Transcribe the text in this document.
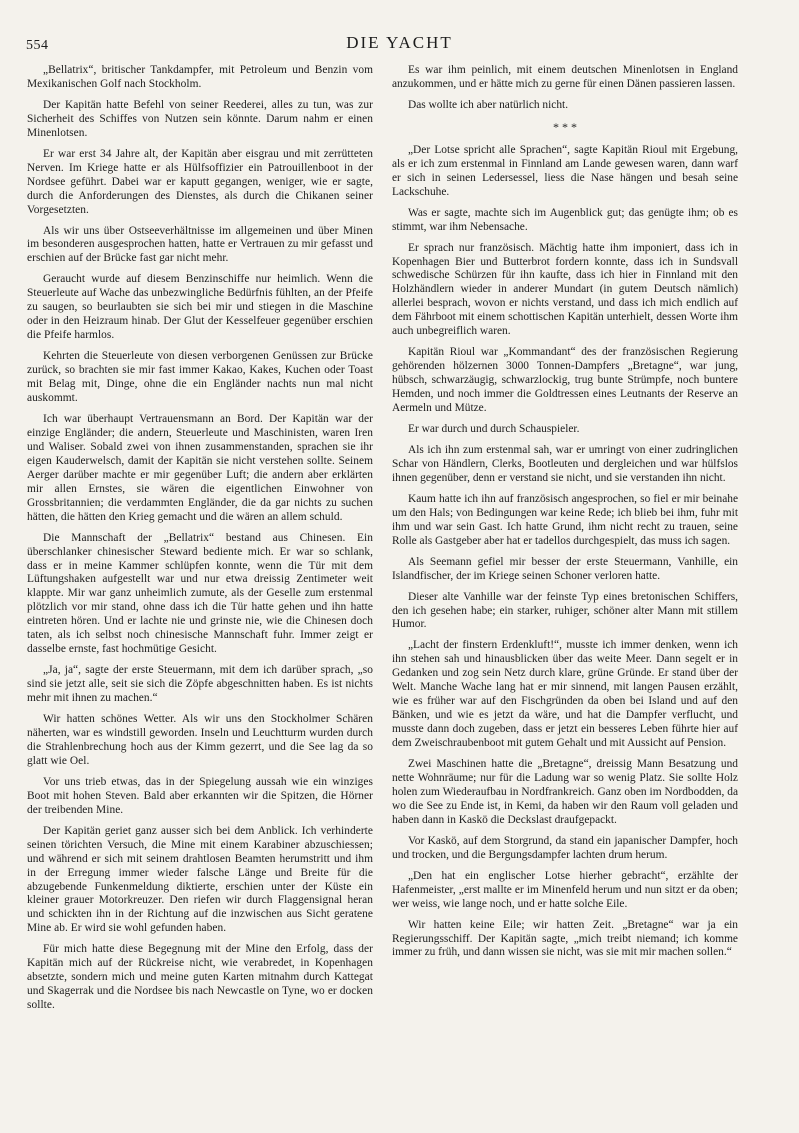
554	DIE YACHT

„Bellatrix“, britischer Tankdampfer, mit Petroleum und Benzin vom Mexikanischen Golf nach Stockholm.

Der Kapitän hatte Befehl von seiner Reederei, alles zu tun, was zur Sicherheit des Schiffes von Nutzen sein könnte. Darum nahm er einen Minenlotsen.

Er war erst 34 Jahre alt, der Kapitän aber eisgrau und mit zerrütteten Nerven. Im Kriege hatte er als Hülfsoffizier ein Patrouillenboot in der Nordsee geführt. Dabei war er kaputt gegangen, weniger, wie er sagte, durch die Anforderungen des Dienstes, als durch die Chikanen seiner Vorgesetzten.

Als wir uns über Ostseeverhältnisse im allgemeinen und über Minen im besonderen ausgesprochen hatten, hatte er Vertrauen zu mir gefasst und erschien auf der Brücke fast gar nicht mehr.

Geraucht wurde auf diesem Benzinschiffe nur heimlich. Wenn die Steuerleute auf Wache das unbezwingliche Bedürfnis fühlten, an der Pfeife zu saugen, so beurlaubten sie sich bei mir und stiegen in die Maschine oder in den Heizraum hinab. Der Glut der Kesselfeuer gegenüber erschien die Pfeife harmlos.

Kehrten die Steuerleute von diesen verborgenen Genüssen zur Brücke zurück, so brachten sie mir fast immer Kakao, Kakes, Kuchen oder Toast mit Belag mit, Dinge, ohne die ein Engländer nachts nun mal nicht auskommt.

Ich war überhaupt Vertrauensmann an Bord. Der Kapitän war der einzige Engländer; die andern, Steuerleute und Maschinisten, waren Iren und Waliser. Sobald zwei von ihnen zusammenstanden, sprachen sie ihr eigen Kauderwelsch, damit der Kapitän sie nicht verstehen sollte. Seinem Aerger darüber machte er mir gegenüber Luft; die andern aber erklärten mir allen Ernstes, sie wären die eigentlichen Einwohner von Grossbritannien; die verdammten Engländer, die da gar nichts zu suchen hätten, die hätten den Krieg gemacht und die wären an allem schuld.

Die Mannschaft der „Bellatrix“ bestand aus Chinesen. Ein überschlanker chinesischer Steward bediente mich. Er war so schlank, dass er in meine Kammer schlüpfen konnte, wenn die Tür mit dem Lüftungshaken aufgestellt war und nur etwa dreissig Zentimeter weit klappte. Mir war ganz unheimlich zumute, als der Geselle zum erstenmal plötzlich vor mir stand, ohne dass ich die Tür hatte gehen und ihn hatte eintreten hören. Und er lachte nie und grinste nie, wie die Chinesen doch taten, als ich selbst noch chinesische Mannschaft fuhr. Immer zeigt er dasselbe ernste, fast hochmütige Gesicht.

„Ja, ja“, sagte der erste Steuermann, mit dem ich darüber sprach, „so sind sie jetzt alle, seit sie sich die Zöpfe abgeschnitten haben. Es ist nichts mehr mit ihnen zu machen.“

Wir hatten schönes Wetter. Als wir uns den Stockholmer Schären näherten, war es windstill geworden. Inseln und Leuchtturm wurden durch die Strahlenbrechung hoch aus der Kimm gezerrt, und die See lag da so glatt wie Oel.

Vor uns trieb etwas, das in der Spiegelung aussah wie ein winziges Boot mit hohen Steven. Bald aber erkannten wir die Spitzen, die Hörner der treibenden Mine.

Der Kapitän geriet ganz ausser sich bei dem Anblick. Ich verhinderte seinen törichten Versuch, die Mine mit einem Karabiner abzuschiessen; und während er sich mit seinem drahtlosen Beamten herumstritt und ihm in der Erregung immer wieder falsche Länge und Breite für die abzugebende Funkenmeldung diktierte, erschien unter der Küste ein kleiner grauer Motorkreuzer. Den riefen wir durch Flaggensignal heran und schickten ihn in der Richtung auf die inzwischen aus Sicht geratene Mine ab. Er wird sie wohl gefunden haben.

Für mich hatte diese Begegnung mit der Mine den Erfolg, dass der Kapitän mich auf der Rückreise nicht, wie verabredet, in Kopenhagen absetzte, sondern mich und meine guten Karten mitnahm durch Kattegat und Skagerrak und die Nordsee bis nach Newcastle on Tyne, wo er docken sollte.

Es war ihm peinlich, mit einem deutschen Minenlotsen in England anzukommen, und er hätte mich zu gerne für einen Dänen passieren lassen.

Das wollte ich aber natürlich nicht.

* * *

„Der Lotse spricht alle Sprachen“, sagte Kapitän Rioul mit Ergebung, als er ich zum erstenmal in Finnland am Lande gewesen waren, dann warf er sich in seinen Ledersessel, liess die Nase hängen und besah seine Lackschuhe.

Was er sagte, machte sich im Augenblick gut; das genügte ihm; ob es stimmt, war ihm Nebensache.

Er sprach nur französisch. Mächtig hatte ihm imponiert, dass ich in Kopenhagen Bier und Butterbrot fordern konnte, dass ich in Sundsvall schwedische Schürzen für ihn kaufte, dass ich hier in Finnland mit den Holzhändlern wieder in anderer Mundart (in gutem Deutsch nämlich) allerlei besprach, wovon er nichts verstand, und dass ich mich endlich auf dem Fährboot mit einem schottischen Kapitän unterhielt, dessen Worte ihm auch unbegreiflich waren.

Kapitän Rioul war „Kommandant“ des der französischen Regierung gehörenden hölzernen 3000 Tonnen-Dampfers „Bretagne“, war jung, hübsch, schwarzäugig, schwarzlockig, trug bunte Strümpfe, noch buntere Hemden, und noch immer die Goldtressen eines Leutnants der Reserve an Aermeln und Mütze.

Er war durch und durch Schauspieler.

Als ich ihn zum erstenmal sah, war er umringt von einer zudringlichen Schar von Händlern, Clerks, Bootleuten und dergleichen und war hülfslos ihnen gegenüber, denn er verstand sie nicht, und sie verstanden ihn nicht.

Kaum hatte ich ihn auf französisch angesprochen, so fiel er mir beinahe um den Hals; von Bedingungen war keine Rede; ich blieb bei ihm, fuhr mit ihm und war sein Gast. Ich hatte Grund, ihm nicht recht zu trauen, seine Rolle als Gastgeber aber hat er tadellos durchgespielt, das muss ich sagen.

Als Seemann gefiel mir besser der erste Steuermann, Vanhille, ein Islandfischer, der im Kriege seinen Schoner verloren hatte.

Dieser alte Vanhille war der feinste Typ eines bretonischen Schiffers, den ich gesehen habe; ein starker, ruhiger, schöner alter Mann mit stillem Humor.

„Lacht der finstern Erdenkluft!“, musste ich immer denken, wenn ich ihn stehen sah und hinausblicken über das weite Meer. Dann segelt er in Gedanken und zog sein Netz durch klare, grüne Gründe. Er stand über der Welt. Manche Wache lang hat er mir sinnend, mit langen Pausen erzählt, wie es früher war auf den Fischgründen da oben bei Island und auf den Bänken, und wie es jetzt da wäre, und hat die Dampfer verflucht, und musste dann doch zugeben, dass er jetzt ein besseres Leben führte hier auf dem Zweischraubenboot mit gutem Gehalt und mit Aussicht auf Pension.

Zwei Maschinen hatte die „Bretagne“, dreissig Mann Besatzung und nette Wohnräume; nur für die Ladung war so wenig Platz. Sie sollte Holz holen zum Wiederaufbau in Nordfrankreich. Ganz oben im Nordbodden, da wo die See zu Ende ist, in Kemi, da haben wir den Raum voll geladen und haben dann in Kaskö die Deckslast draufgepackt.

Vor Kaskö, auf dem Storgrund, da stand ein japanischer Dampfer, hoch und trocken, und die Bergungsdampfer lachten drum herum.

„Den hat ein englischer Lotse hierher gebracht“, erzählte der Hafenmeister, „erst mallte er im Minenfeld herum und nun sitzt er da oben; wer weiss, wie lange noch, und er hatte solche Eile.

Wir hatten keine Eile; wir hatten Zeit. „Bretagne“ war ja ein Regierungsschiff. Der Kapitän sagte, „mich treibt niemand; ich komme immer zu früh, und dann wissen sie nicht, was sie mit mir machen sollen.“
